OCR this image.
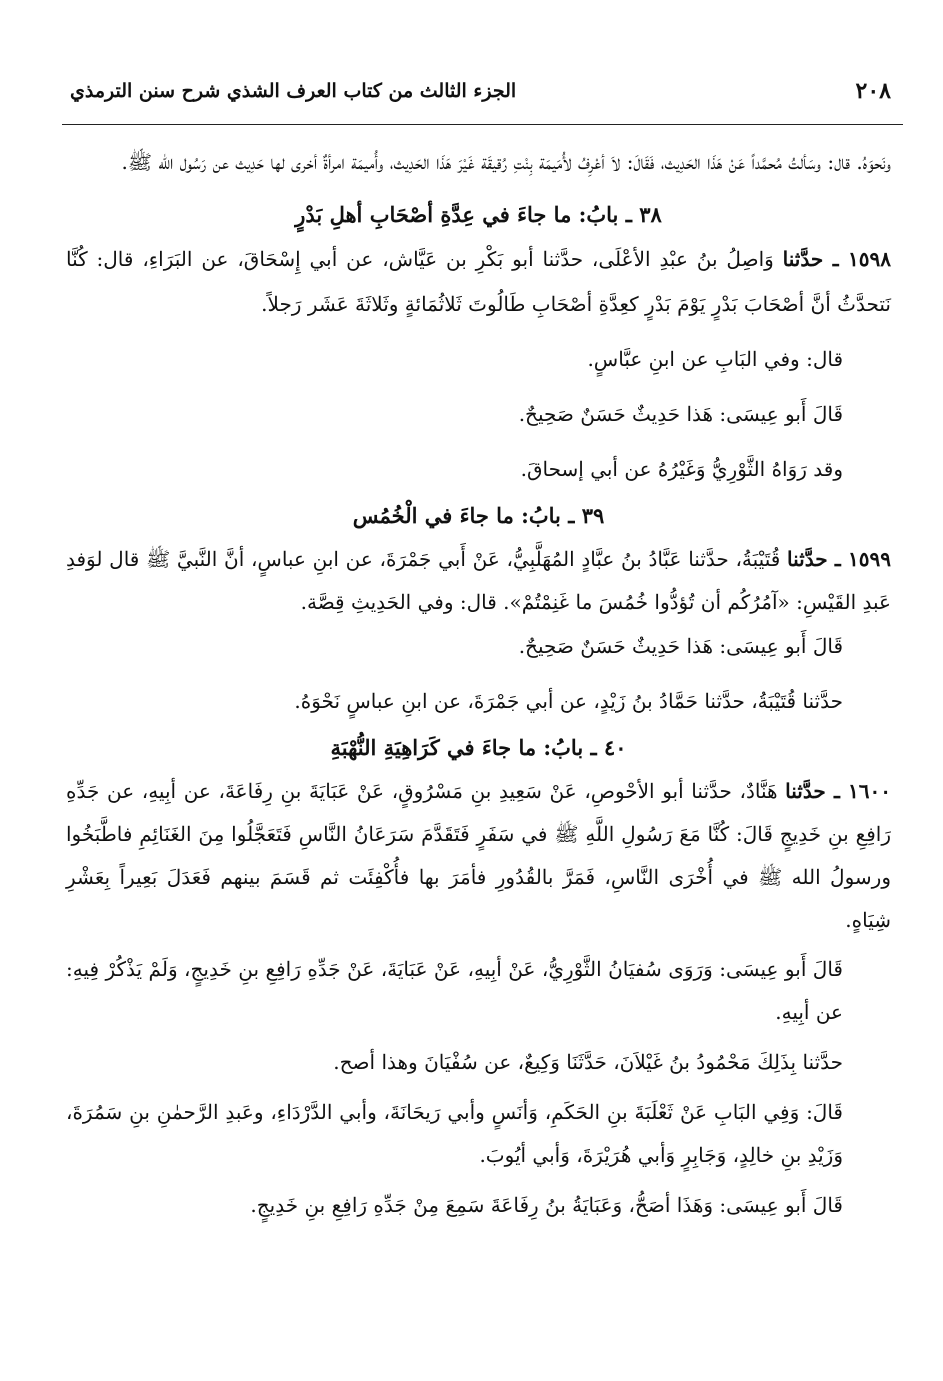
٢٠٨
الجزء الثالث من كتاب العرف الشذي شرح سنن الترمذي

ونَحوَهُ. قال: وسَألتُ مُحمَّداً عَنْ هَذَا الحَدِيث، فَقَالَ: لاَ أعْرِفُ لأُمَيمَة بِنْتِ رُقيقَة غَيْرَ هَذَا الحَدِيث، وأُميمَة امرأةٌ أخرى لها حَدِيث عن رَسُول الله ﷺ.

٣٨ ـ بابُ: ما جاءَ في عِدَّةِ أصْحَابِ أهلِ بَدْرٍ

١٥٩٨ ـ حدَّثنا وَاصِلُ بنُ عبْدِ الأعْلَى، حدَّثنا أبو بَكْرِ بن عَيَّاش، عن أبي إِسْحَاقَ، عن البَرَاءِ، قال: كُنَّا نَتحدَّثُ أنَّ أصْحَابَ بَدْرٍ يَوْمَ بَدْرٍ كعِدَّةِ أصْحَابِ طَالُوتَ ثَلاثُمَائةٍ وثَلاثَةَ عَشَر رَجلاً.

قال: وفي البَابِ عن ابنِ عبَّاسٍ.

قَالَ أَبو عِيسَى: هَذا حَدِيثٌ حَسَنٌ صَحِيحٌ.

وقد رَوَاهُ الثَّوْرِيُّ وَغَيْرُهُ عن أبي إسحاقَ.

٣٩ ـ بابُ: ما جاءَ في الْخُمُس

١٥٩٩ ـ حدَّثنا قُتَيْبَةُ، حدَّثنا عَبَّادُ بنُ عبَّادٍ المُهَلَّبِيُّ، عَنْ أَبي جَمْرَةَ، عن ابنِ عباسٍ، أنَّ النَّبيَّ ﷺ قال لوَفدِ عَبدِ القَيْسِ: «آمُرُكُم أن تُؤدُّوا خُمُسَ ما غَنِمْتُمْ». قال: وفي الحَدِيثِ قِصَّة.

قَالَ أَبو عِيسَى: هَذا حَدِيثٌ حَسَنٌ صَحِيحٌ.

حدَّثنا قُتَيْبَةُ، حدَّثنا حَمَّادُ بنُ زَيْدٍ، عن أبي جَمْرَةَ، عن ابنِ عباسٍ نَحْوَهُ.

٤٠ ـ بابُ: ما جاءَ في كَرَاهِيَةِ النُّهْبَةِ

١٦٠٠ ـ حدَّثنا هَنَّادٌ، حدَّثنا أبو الأحْوصِ، عَنْ سَعِيدِ بنِ مَسْرُوقٍ، عَنْ عَبَايَةَ بنِ رِفَاعَةَ، عن أبِيهِ، عن جَدِّهِ رَافِعِ بنِ خَدِيجٍ قَالَ: كُنَّا مَعَ رَسُولِ اللَّهِ ﷺ في سَفَرٍ فَتَقَدَّمَ سَرَعَانُ النَّاسِ فَتَعَجَّلُوا مِنَ الغَنَائِمِ فاطَّبَخُوا ورسولُ الله ﷺ في أُخْرَى النَّاسِ، فَمَرَّ بالقُدُورِ فأمَرَ بها فأُكْفِئَت ثم قَسَمَ بينهم فَعَدَلَ بَعِيراً بِعَشْرِ شِيَاهٍ.

قَالَ أَبو عِيسَى: وَرَوَى سُفيَانُ الثَّوْرِيُّ، عَنْ أبِيهِ، عَنْ عَبَايَةَ، عَنْ جَدِّهِ رَافِعِ بنِ خَدِيجٍ، وَلَمْ يَذْكُرْ فِيهِ: عن أبِيهِ.

حدَّثنا بِذَلِكَ مَحْمُودُ بنُ غَيْلاَنَ، حَدَّثَنَا وَكِيعٌ، عن سُفْيَانَ وهذا أصح.

قَالَ: وَفِي البَابِ عَنْ ثَعْلَبَةَ بنِ الحَكَمِ، وَأنَسٍ وأبي رَيحَانَةَ، وأبي الدَّرْدَاءِ، وعَبدِ الرَّحمٰنِ بنِ سَمُرَةَ، وَزَيْدِ بنِ خالِدٍ، وَجَابِرٍ وَأبي هُرَيْرَةَ، وَأبي أيُوبَ.

قَالَ أَبو عِيسَى: وَهَذَا أصَحُّ، وَعَبَايَةُ بنُ رِفَاعَةَ سَمِعَ مِنْ جَدِّهِ رَافِعِ بنِ خَدِيجٍ.
